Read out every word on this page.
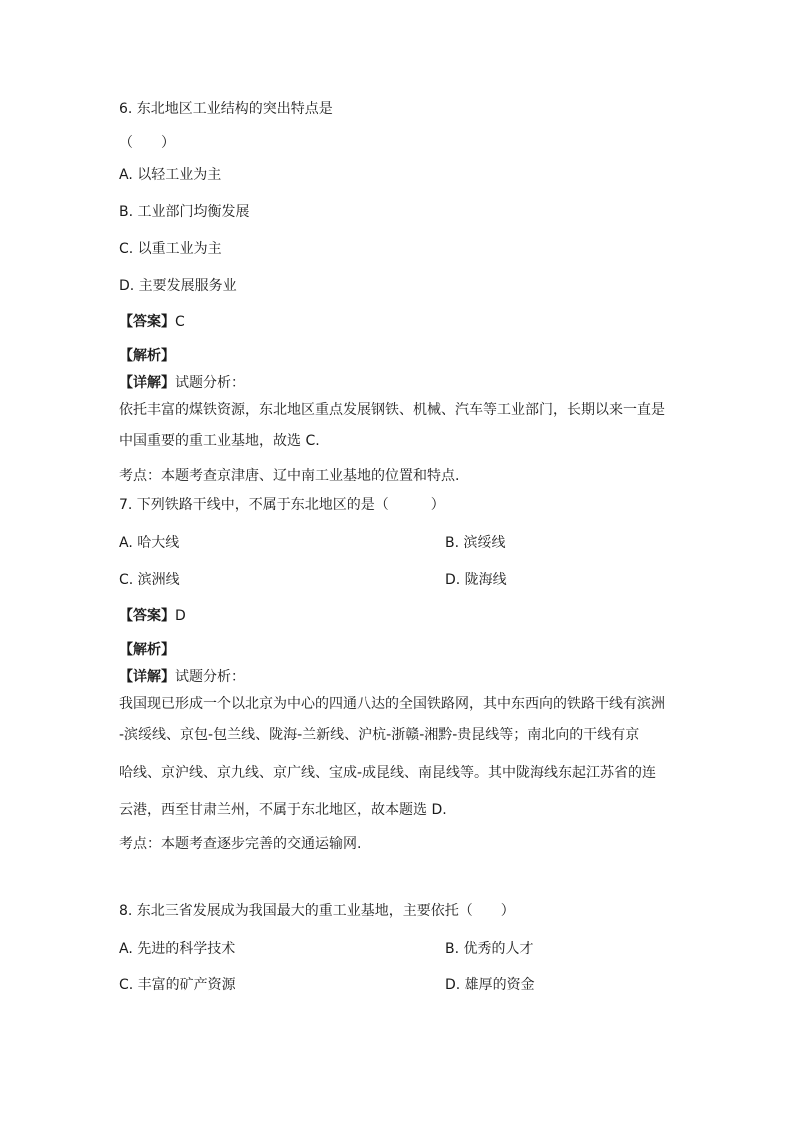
6. 东北地区工业结构的突出特点是
（　　）
A. 以轻工业为主
B. 工业部门均衡发展
C. 以重工业为主
D. 主要发展服务业
【答案】C
【解析】
【详解】试题分析：
依托丰富的煤铁资源，东北地区重点发展钢铁、机械、汽车等工业部门，长期以来一直是
中国重要的重工业基地，故选 C.
考点：本题考查京津唐、辽中南工业基地的位置和特点.
7. 下列铁路干线中，不属于东北地区的是（　　　）
A. 哈大线	B. 滨绥线
C. 滨洲线	D. 陇海线
【答案】D
【解析】
【详解】试题分析：
我国现已形成一个以北京为中心的四通八达的全国铁路网，其中东西向的铁路干线有滨洲
-滨绥线、京包-包兰线、陇海-兰新线、沪杭-浙赣-湘黔-贵昆线等；南北向的干线有京
哈线、京沪线、京九线、京广线、宝成-成昆线、南昆线等。其中陇海线东起江苏省的连
云港，西至甘肃兰州，不属于东北地区，故本题选 D.
考点：本题考查逐步完善的交通运输网.
8. 东北三省发展成为我国最大的重工业基地，主要依托（　　）
A. 先进的科学技术	B. 优秀的人才
C. 丰富的矿产资源	D. 雄厚的资金
